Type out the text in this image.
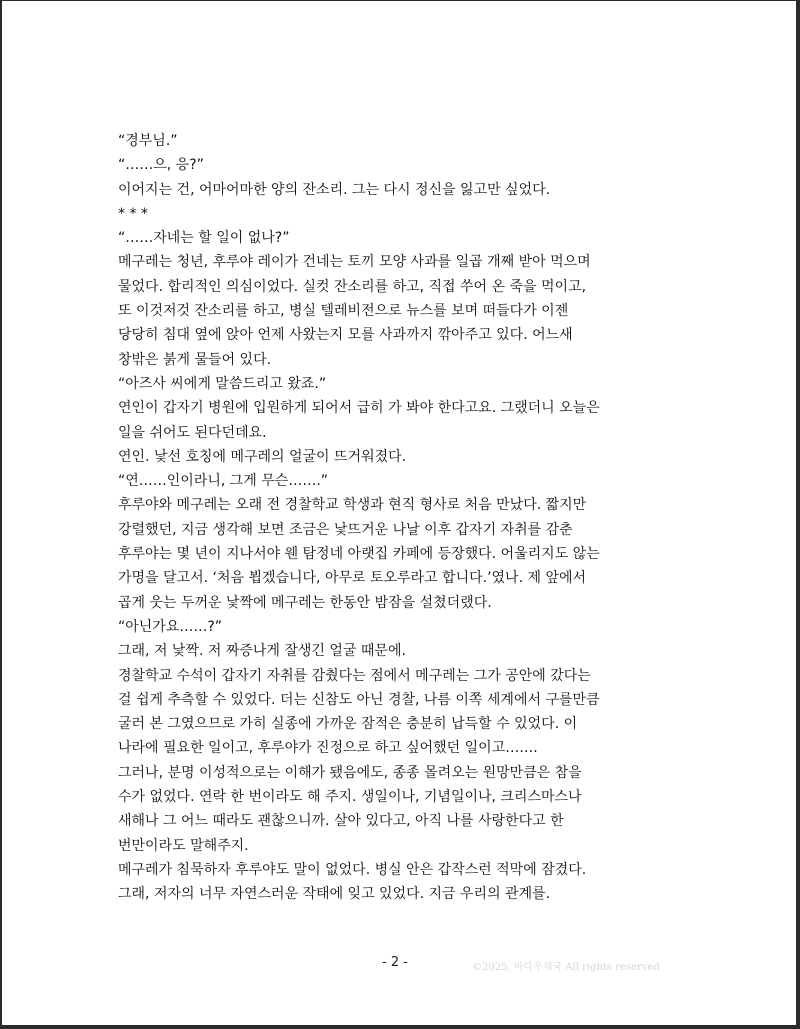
“경부님.”
“……으, 응?”
이어지는 건, 어마어마한 양의 잔소리. 그는 다시 정신을 잃고만 싶었다.
* * *
“……자네는 할 일이 없나?”
메구레는 청년, 후루야 레이가 건네는 토끼 모양 사과를 일곱 개째 받아 먹으며
물었다. 합리적인 의심이었다. 실컷 잔소리를 하고, 직접 쑤어 온 죽을 먹이고,
또 이것저것 잔소리를 하고, 병실 텔레비전으로 뉴스를 보며 떠들다가 이젠
당당히 침대 옆에 앉아 언제 사왔는지 모를 사과까지 깎아주고 있다. 어느새
창밖은 붉게 물들어 있다.
“아즈사 씨에게 말씀드리고 왔죠.”
연인이 갑자기 병원에 입원하게 되어서 급히 가 봐야 한다고요. 그랬더니 오늘은
일을 쉬어도 된다던데요.
연인. 낯선 호칭에 메구레의 얼굴이 뜨거워졌다.
“연……인이라니, 그게 무슨…….”
후루야와 메구레는 오래 전 경찰학교 학생과 현직 형사로 처음 만났다. 짧지만
강렬했던, 지금 생각해 보면 조금은 낯뜨거운 나날 이후 갑자기 자취를 감춘
후루야는 몇 년이 지나서야 웬 탐정네 아랫집 카페에 등장했다. 어울리지도 않는
가명을 달고서. ‘처음 뵙겠습니다, 아무로 토오루라고 합니다.’였나. 제 앞에서
곱게 웃는 두꺼운 낯짝에 메구레는 한동안 밤잠을 설쳤더랬다.
“아닌가요……?”
그래, 저 낯짝. 저 짜증나게 잘생긴 얼굴 때문에.
경찰학교 수석이 갑자기 자취를 감췄다는 점에서 메구레는 그가 공안에 갔다는
걸 쉽게 추측할 수 있었다. 더는 신참도 아닌 경찰, 나름 이쪽 세계에서 구를만큼
굴러 본 그였으므로 가히 실종에 가까운 잠적은 충분히 납득할 수 있었다. 이
나라에 필요한 일이고, 후루야가 진정으로 하고 싶어했던 일이고…….
그러나, 분명 이성적으로는 이해가 됐음에도, 종종 몰려오는 원망만큼은 참을
수가 없었다. 연락 한 번이라도 해 주지. 생일이나, 기념일이나, 크리스마스나
새해나 그 어느 때라도 괜찮으니까. 살아 있다고, 아직 나를 사랑한다고 한
번만이라도 말해주지.
메구레가 침묵하자 후루야도 말이 없었다. 병실 안은 갑작스런 적막에 잠겼다.
그래, 저자의 너무 자연스러운 작태에 잊고 있었다. 지금 우리의 관계를.
- 2 -	©2025, 바다우체국 All rights reserved
